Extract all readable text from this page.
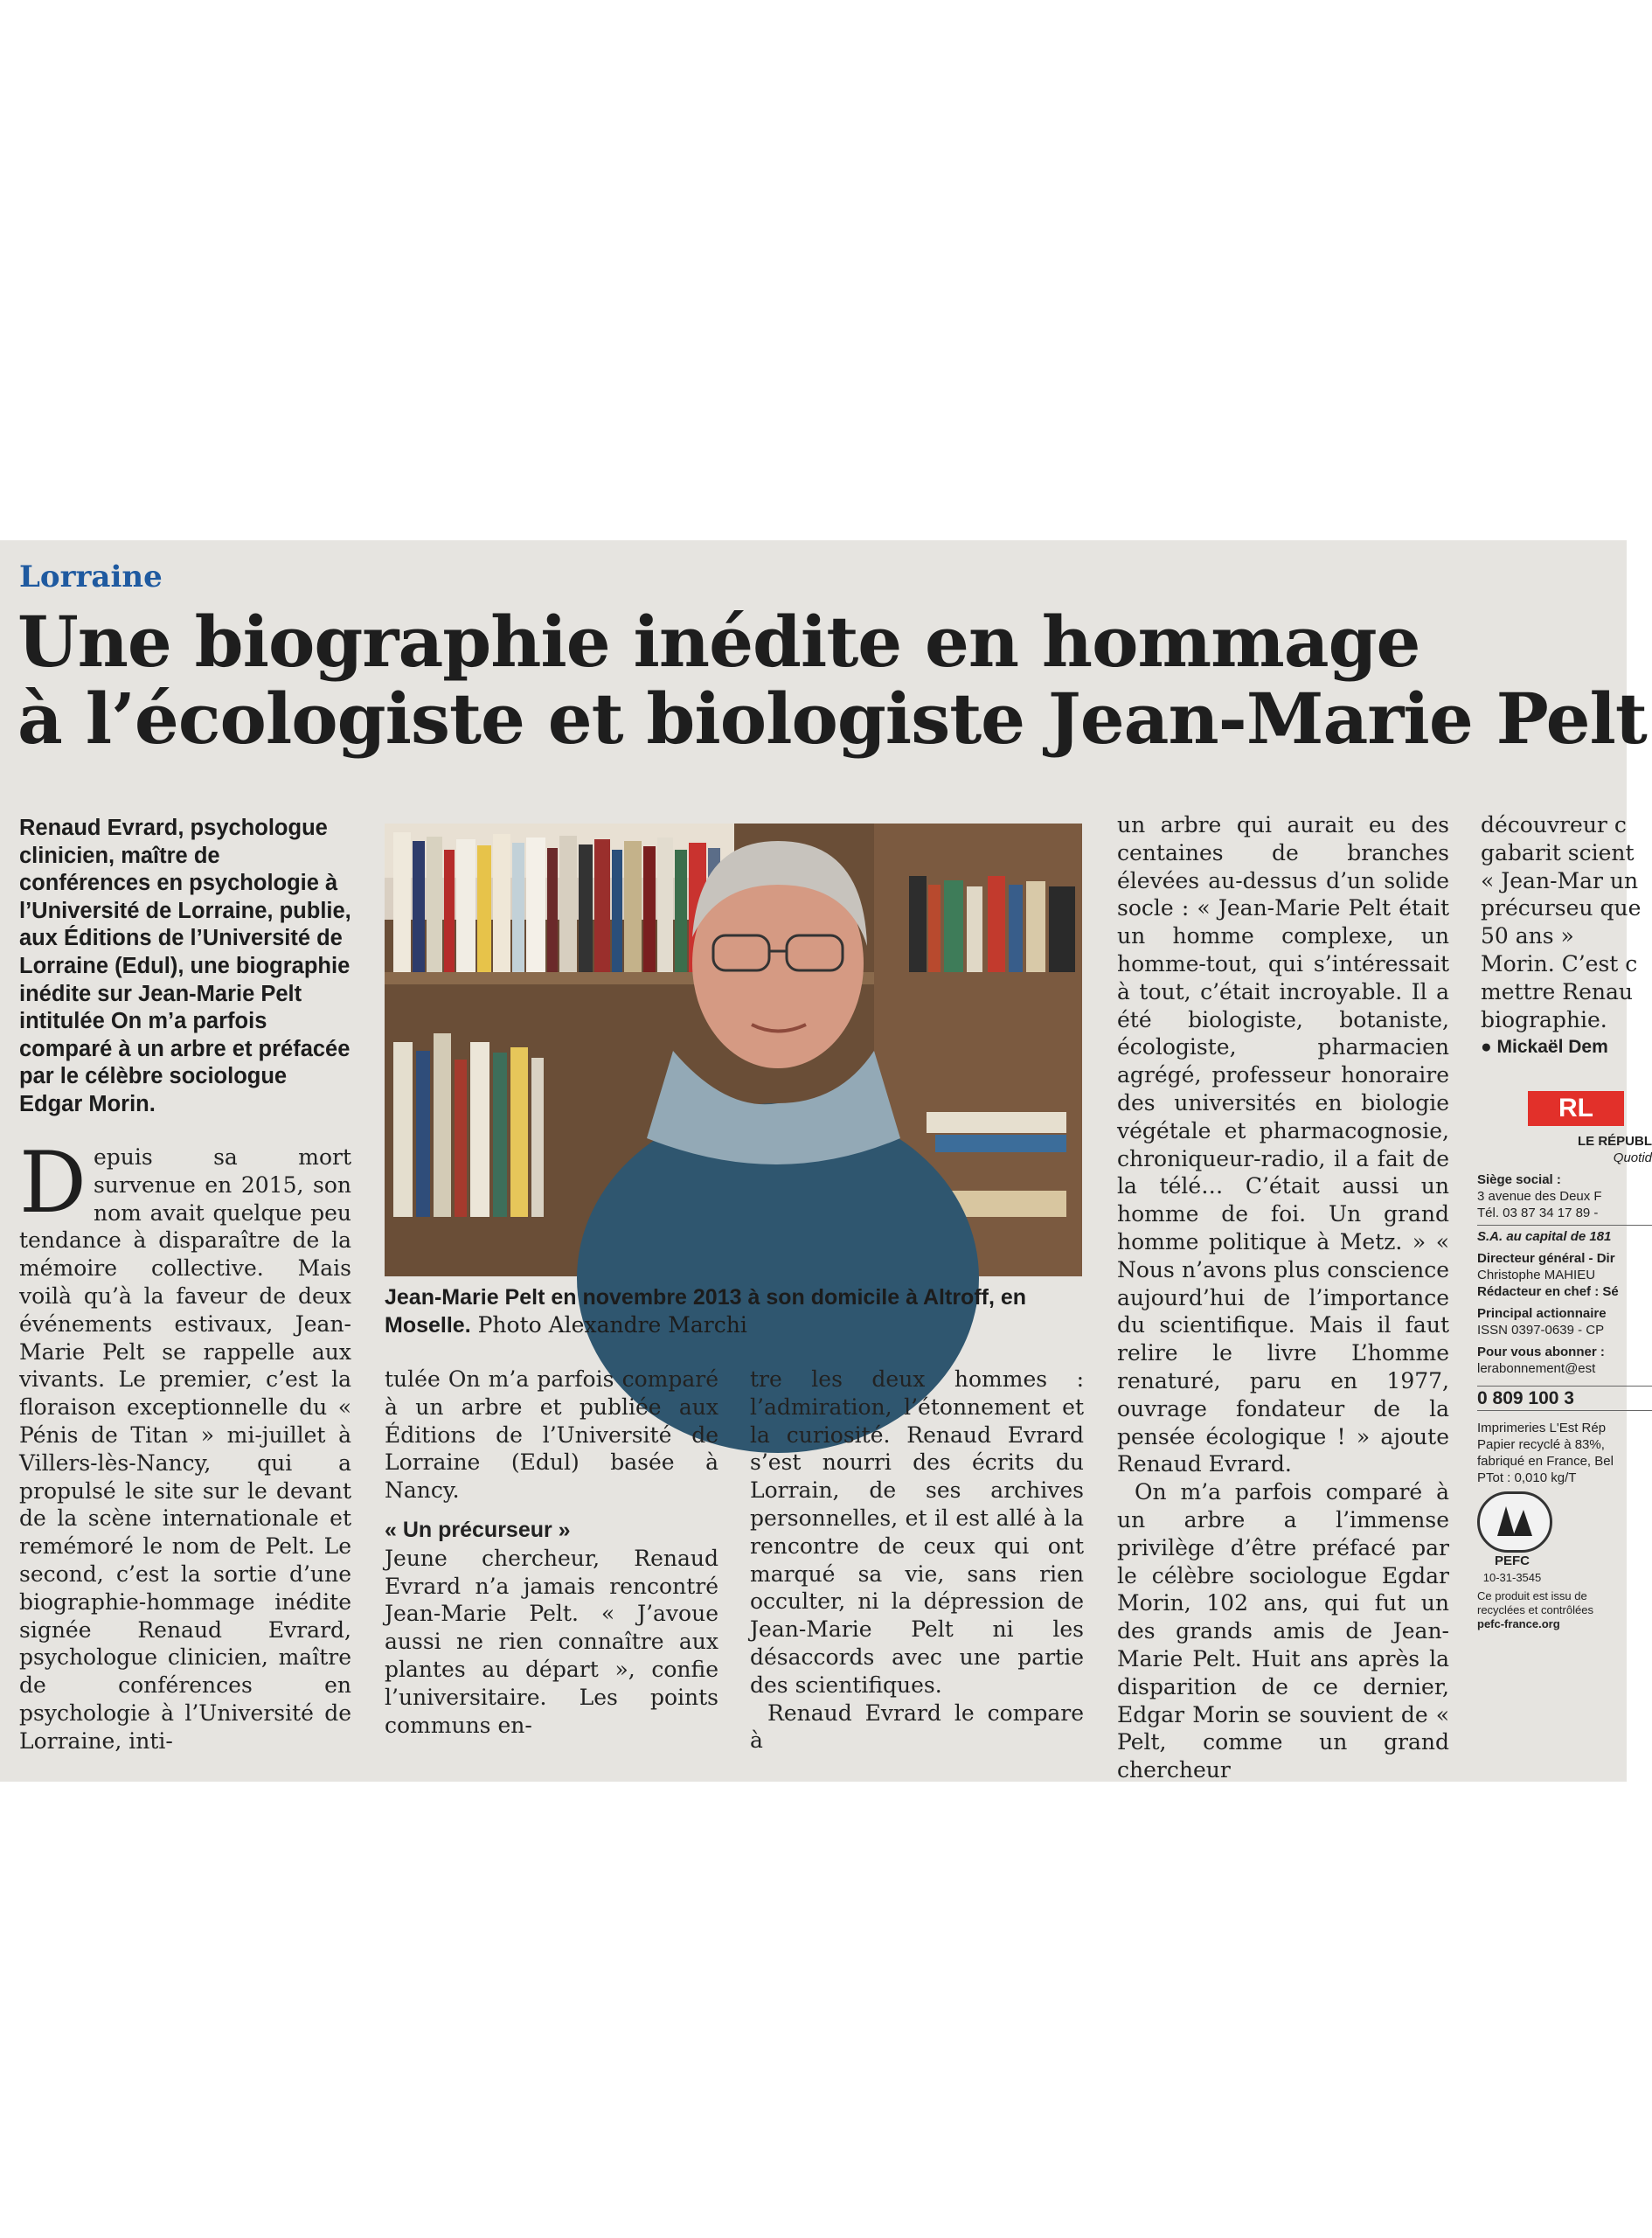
Lorraine
Une biographie inédite en hommage
à l’écologiste et biologiste Jean-Marie Pelt
Renaud Evrard, psychologue clinicien, maître de conférences en psychologie à l’Université de Lorraine, publie, aux Éditions de l’Université de Lorraine (Edul), une biographie inédite sur Jean-Marie Pelt intitulée On m’a parfois comparé à un arbre et préfacée par le célèbre sociologue Edgar Morin.
D epuis sa mort survenue en 2015, son nom avait quelque peu tendance à disparaître de la mémoire collective. Mais voilà qu’à la faveur de deux événements estivaux, Jean-Marie Pelt se rappelle aux vivants. Le premier, c’est la floraison exceptionnelle du « Pénis de Titan » mi-juillet à Villers-lès-Nancy, qui a propulsé le site sur le devant de la scène internationale et remémoré le nom de Pelt. Le second, c’est la sortie d’une biographie-hommage inédite signée Renaud Evrard, psychologue clinicien, maître de conférences en psychologie à l’Université de Lorraine, inti-
Jean-Marie Pelt en novembre 2013 à son domicile à Altroff, en Moselle. Photo Alexandre Marchi

tulée On m’a parfois comparé à un arbre et publiée aux Éditions de l’Université de Lorraine (Edul) basée à Nancy.

« Un précurseur »

Jeune chercheur, Renaud Evrard n’a jamais rencontré Jean-Marie Pelt. « J’avoue aussi ne rien connaître aux plantes au départ », confie l’universitaire. Les points communs en-

tre les deux hommes : l’admiration, l’étonnement et la curiosité. Renaud Evrard s’est nourri des écrits du Lorrain, de ses archives personnelles, et il est allé à la rencontre de ceux qui ont marqué sa vie, sans rien occulter, ni la dépression de Jean-Marie Pelt ni les désaccords avec une partie des scientifiques.

Renaud Evrard le compare à

un arbre qui aurait eu des centaines de branches élevées au-dessus d’un solide socle : « Jean-Marie Pelt était un homme complexe, un homme-tout, qui s’intéressait à tout, c’était incroyable. Il a été biologiste, botaniste, écologiste, pharmacien agrégé, professeur honoraire des universités en biologie végétale et pharmacognosie, chroniqueur-radio, il a fait de la télé… C’était aussi un homme de foi. Un grand homme politique à Metz. » « Nous n’avons plus conscience aujourd’hui de l’importance du scientifique. Mais il faut relire le livre L’homme renaturé, paru en 1977, ouvrage fondateur de la pensée écologique ! » ajoute Renaud Evrard.

On m’a parfois comparé à un arbre a l’immense privilège d’être préfacé par le célèbre sociologue Egdar Morin, 102 ans, qui fut un des grands amis de Jean-Marie Pelt. Huit ans après la disparition de ce dernier, Edgar Morin se souvient de « Pelt, comme un grand chercheur

découvreur c gabarit scient « Jean-Mar un précurseu que 50 ans » Morin. C’est c mettre Renau biographie.

● Mickaël Dem

RL
LE RÉPUBL
Quotid
Siège social :
3 avenue des Deux F
Tél. 03 87 34 17 89 -
S.A. au capital de 181
Directeur général - Dir
Christophe MAHIEU
Rédacteur en chef : Sé
Principal actionnaire
ISSN 0397-0639 - CP
Pour vous abonner :
lerabonnement@est
0 809 100 3
Imprimeries L'Est Rép
Papier recyclé à 83%,
fabriqué en France, Bel
PTot : 0,010 kg/T
PEFC
10-31-3545
Ce produit est issu de
recyclées et contrôlées
pefc-france.org
